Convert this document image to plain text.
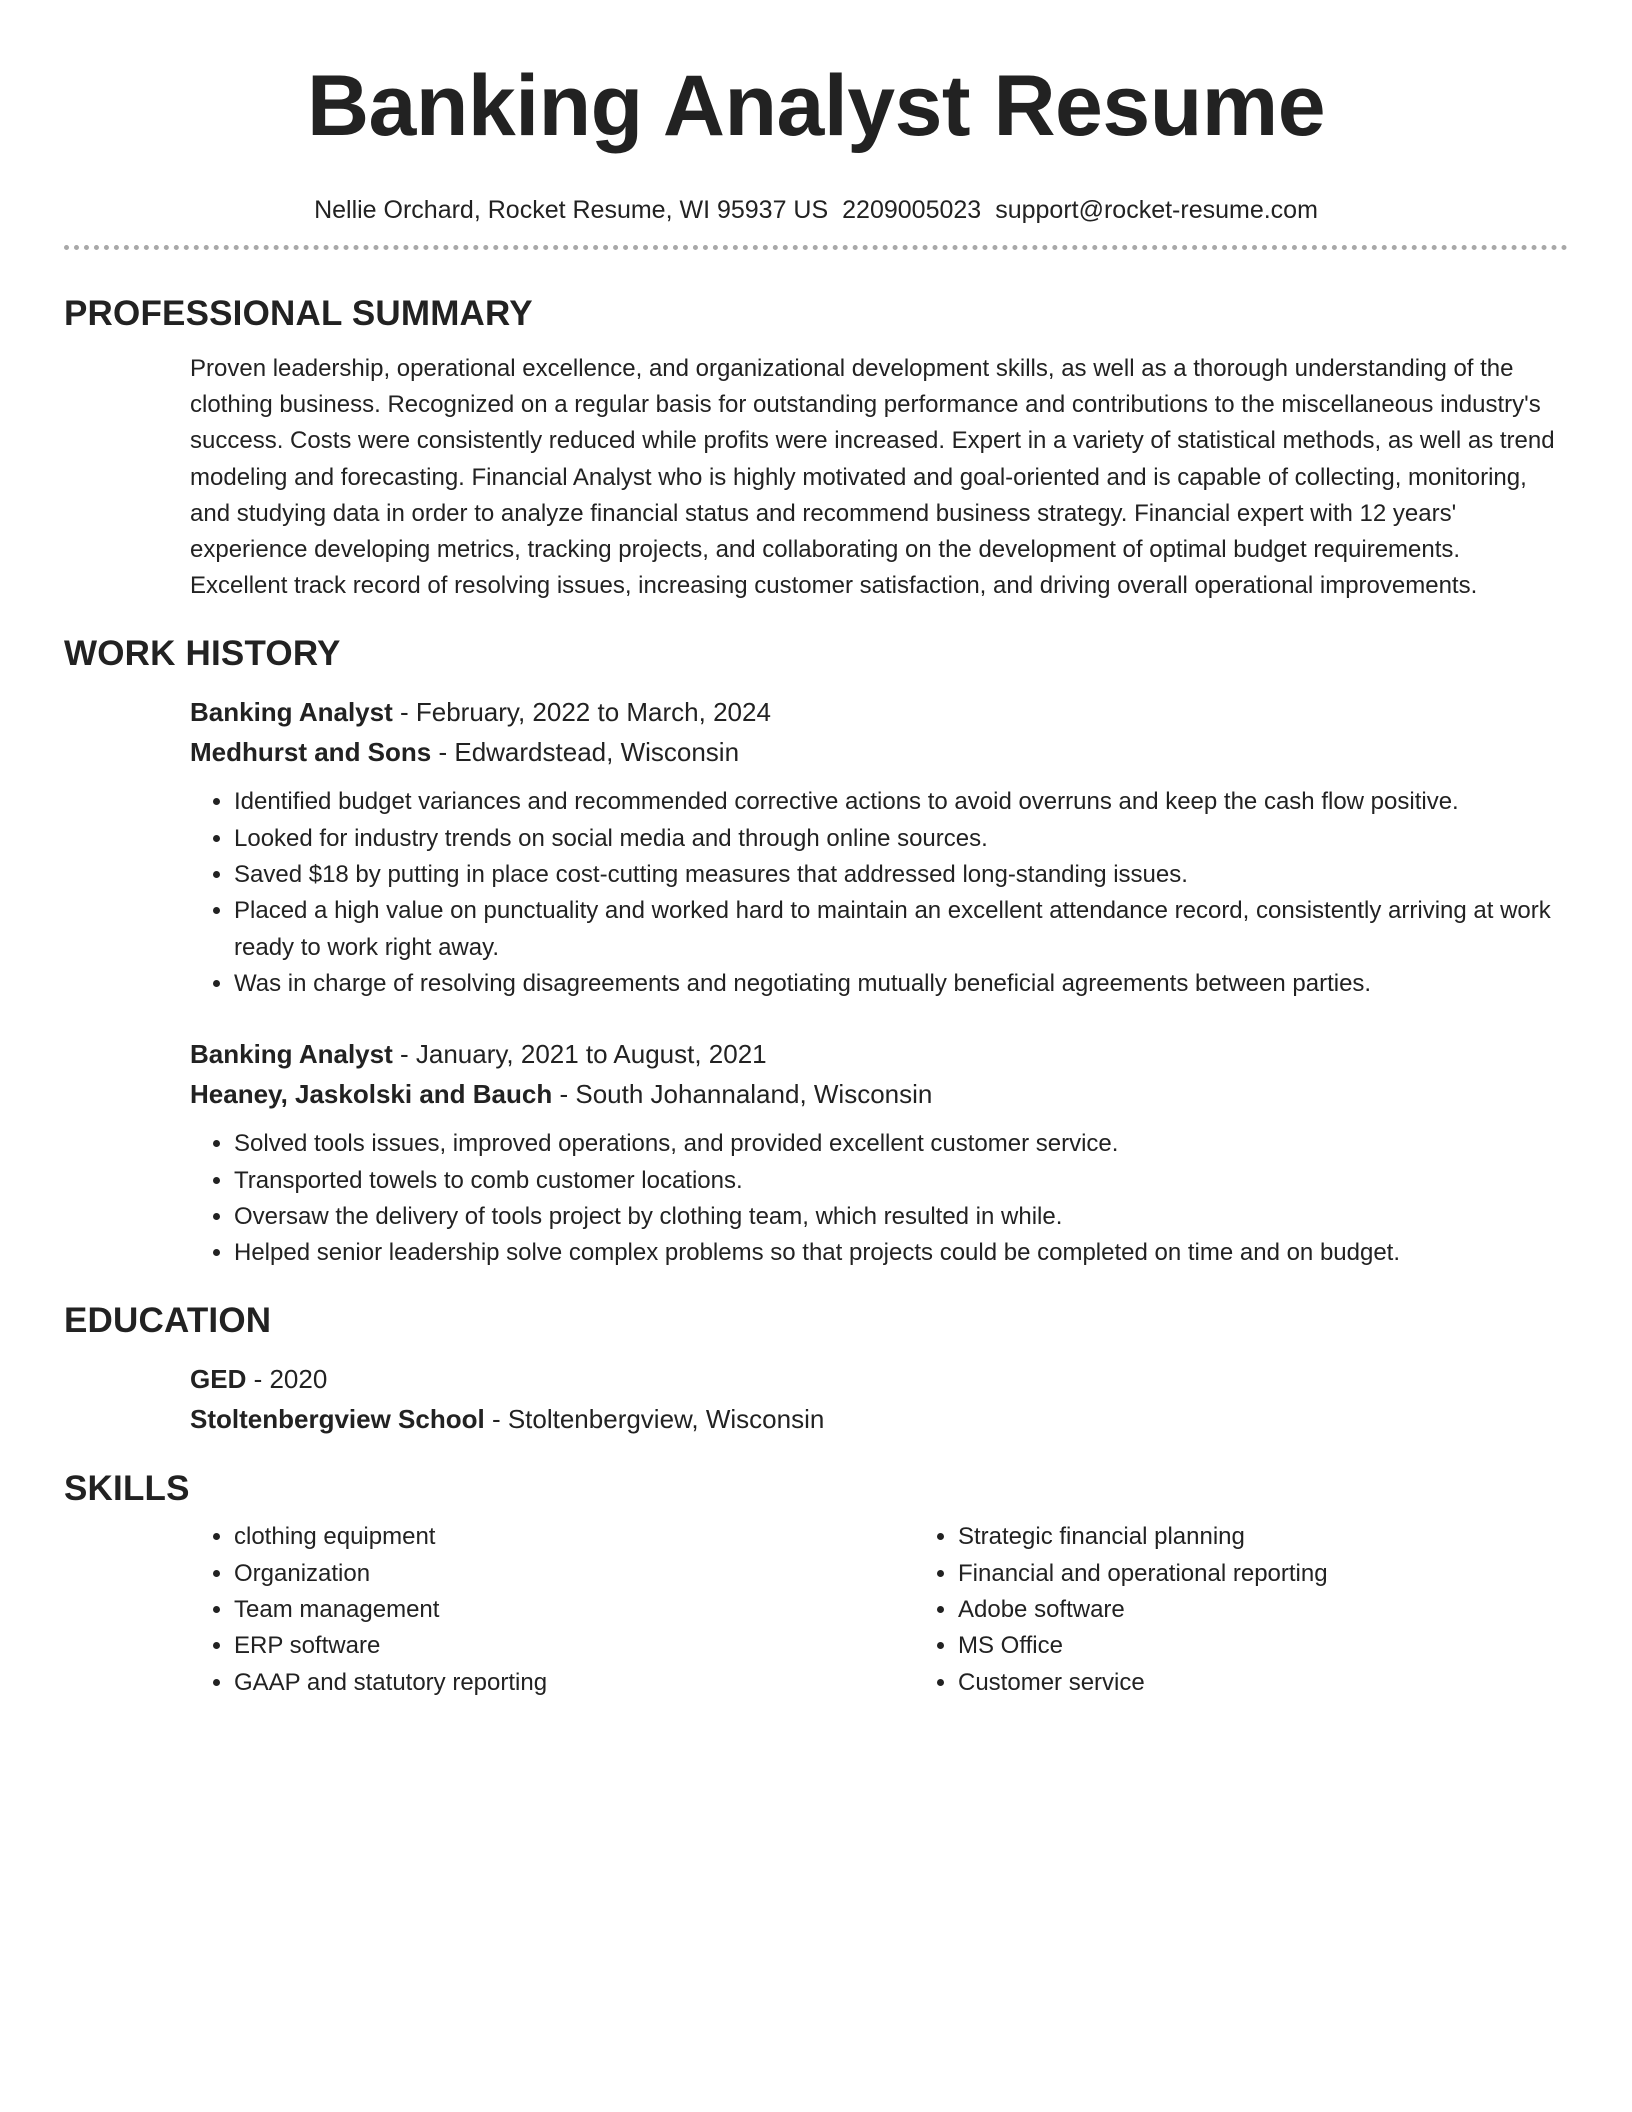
Banking Analyst Resume
Nellie Orchard, Rocket Resume, WI 95937 US 2209005023 support@rocket-resume.com
PROFESSIONAL SUMMARY

Proven leadership, operational excellence, and organizational development skills, as well as a thorough understanding of the clothing business. Recognized on a regular basis for outstanding performance and contributions to the miscellaneous industry's success. Costs were consistently reduced while profits were increased. Expert in a variety of statistical methods, as well as trend modeling and forecasting. Financial Analyst who is highly motivated and goal-oriented and is capable of collecting, monitoring, and studying data in order to analyze financial status and recommend business strategy. Financial expert with 12 years' experience developing metrics, tracking projects, and collaborating on the development of optimal budget requirements. Excellent track record of resolving issues, increasing customer satisfaction, and driving overall operational improvements.

WORK HISTORY

Banking Analyst - February, 2022 to March, 2024

Medhurst and Sons - Edwardstead, Wisconsin

• Identified budget variances and recommended corrective actions to avoid overruns and keep the cash flow positive.
• Looked for industry trends on social media and through online sources.
• Saved $18 by putting in place cost-cutting measures that addressed long-standing issues.
• Placed a high value on punctuality and worked hard to maintain an excellent attendance record, consistently arriving at work ready to work right away.
• Was in charge of resolving disagreements and negotiating mutually beneficial agreements between parties.

Banking Analyst - January, 2021 to August, 2021

Heaney, Jaskolski and Bauch - South Johannaland, Wisconsin

• Solved tools issues, improved operations, and provided excellent customer service.
• Transported towels to comb customer locations.
• Oversaw the delivery of tools project by clothing team, which resulted in while.
• Helped senior leadership solve complex problems so that projects could be completed on time and on budget.
EDUCATION

GED - 2020

Stoltenbergview School - Stoltenbergview, Wisconsin

SKILLS
• clothing equipment
• Organization
• Team management
• ERP software
• GAAP and statutory reporting
• Strategic financial planning
• Financial and operational reporting
• Adobe software
• MS Office
• Customer service
